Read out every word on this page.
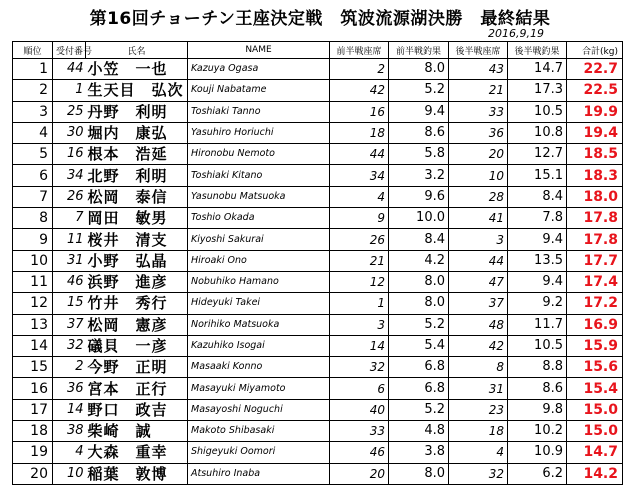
第16回チョーチン王座決定戦　筑波流源湖決勝　最終結果
2016,9,19
順位	受付番号	氏名	NAME	前半戦座席	前半戦釣果	後半戦座席	後半戦釣果	合計(kg)
1	44	小笠　一也	Kazuya Ogasa	2	8.0	43	14.7	22.7
2	1	生天目　弘次	Kouji Nabatame	42	5.2	21	17.3	22.5
3	25	丹野　利明	Toshiaki Tanno	16	9.4	33	10.5	19.9
4	30	堀内　康弘	Yasuhiro Horiuchi	18	8.6	36	10.8	19.4
5	16	根本　浩延	Hironobu Nemoto	44	5.8	20	12.7	18.5
6	34	北野　利明	Toshiaki Kitano	34	3.2	10	15.1	18.3
7	26	松岡　泰信	Yasunobu Matsuoka	4	9.6	28	8.4	18.0
8	7	岡田　敏男	Toshio Okada	9	10.0	41	7.8	17.8
9	11	桜井　清支	Kiyoshi Sakurai	26	8.4	3	9.4	17.8
10	31	小野　弘晶	Hiroaki Ono	21	4.2	44	13.5	17.7
11	46	浜野　進彦	Nobuhiko Hamano	12	8.0	47	9.4	17.4
12	15	竹井　秀行	Hideyuki Takei	1	8.0	37	9.2	17.2
13	37	松岡　憲彦	Norihiko Matsuoka	3	5.2	48	11.7	16.9
14	32	礒貝　一彦	Kazuhiko Isogai	14	5.4	42	10.5	15.9
15	2	今野　正明	Masaaki Konno	32	6.8	8	8.8	15.6
16	36	宮本　正行	Masayuki Miyamoto	6	6.8	31	8.6	15.4
17	14	野口　政吉	Masayoshi Noguchi	40	5.2	23	9.8	15.0
18	38	柴崎　誠	Makoto Shibasaki	33	4.8	18	10.2	15.0
19	4	大森　重幸	Shigeyuki Oomori	46	3.8	4	10.9	14.7
20	10	稲葉　敦博	Atsuhiro Inaba	20	8.0	32	6.2	14.2
